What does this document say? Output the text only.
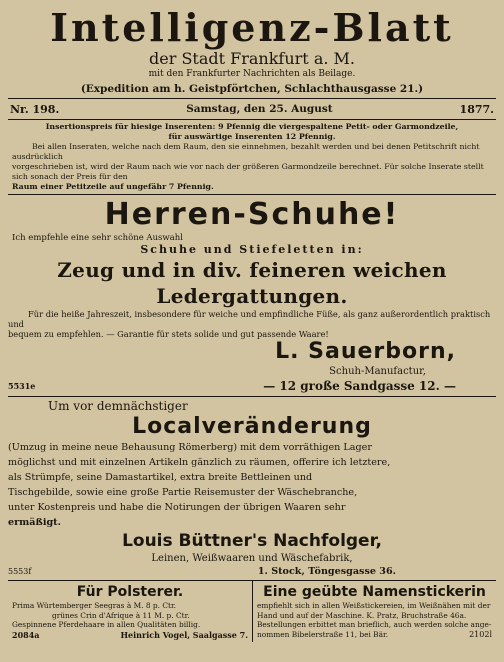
Intelligenz-Blatt
der Stadt Frankfurt a. M.
mit den Frankfurter Nachrichten als Beilage.
(Expedition am h. Geistpförtchen, Schlachthausgasse 21.)
Nr. 198.	Samstag, den 25. August	1877.
Insertionspreis für hiesige Inserenten: 9 Pfennig die viergespaltene Petit- oder Garmondzeile,
für auswärtige Inserenten 12 Pfennig.
Bei allen Inseraten, welche nach dem Raum, den sie einnehmen, bezahlt werden und bei denen Petitschrift nicht ausdrücklich
vorgeschrieben ist, wird der Raum nach wie vor nach der größeren Garmondzeile berechnet. Für solche Inserate stellt sich sonach der Preis für den
Raum einer Petitzeile auf ungefähr 7 Pfennig.
Herren-Schuhe!
Ich empfehle eine sehr schöne Auswahl
Schuhe und Stiefeletten in:
Zeug und in div. feineren weichen Ledergattungen.
Für die heiße Jahreszeit, insbesondere für weiche und empfindliche Füße, als ganz außerordentlich praktisch und
bequem zu empfehlen. — Garantie für stets solide und gut passende Waare!
L. Sauerborn,
Schuh-Manufactur,
5531e	— 12 große Sandgasse 12. —
Um vor demnächstiger
Localveränderung
(Umzug in meine neue Behausung Römerberg) mit dem vorräthigen Lager
möglichst und mit einzelnen Artikeln gänzlich zu räumen, offerire ich letztere,
als Strümpfe, seine Damastartikel, extra breite Bettleinen und
Tischgebilde, sowie eine große Partie Reisemuster der Wäschebranche,
unter Kostenpreis und habe die Notirungen der übrigen Waaren sehr
ermäßigt.
Louis Büttner's Nachfolger,
Leinen, Weißwaaren und Wäschefabrik,
5553f	1. Stock, Töngesgasse 36.
Für Polsterer.
Prima Würtemberger Seegras à M. 8 p. Ctr.
grünes Crin d'Afrique à 11 M. p. Ctr.
Gespinnene Pferdehaare in allen Qualitäten billig.
2084a	Heinrich Vogel, Saalgasse 7.
Eine geübte Namenstickerin
empfiehlt sich in allen Weißstickereien, im Weißnähen mit der
Hand und auf der Maschine. K. Pratz, Bruchstraße 46a.
Bestellungen erbittet man brieflich, auch werden solche ange-
nommen Bibelerstraße 11, bei Bär.	2102l
